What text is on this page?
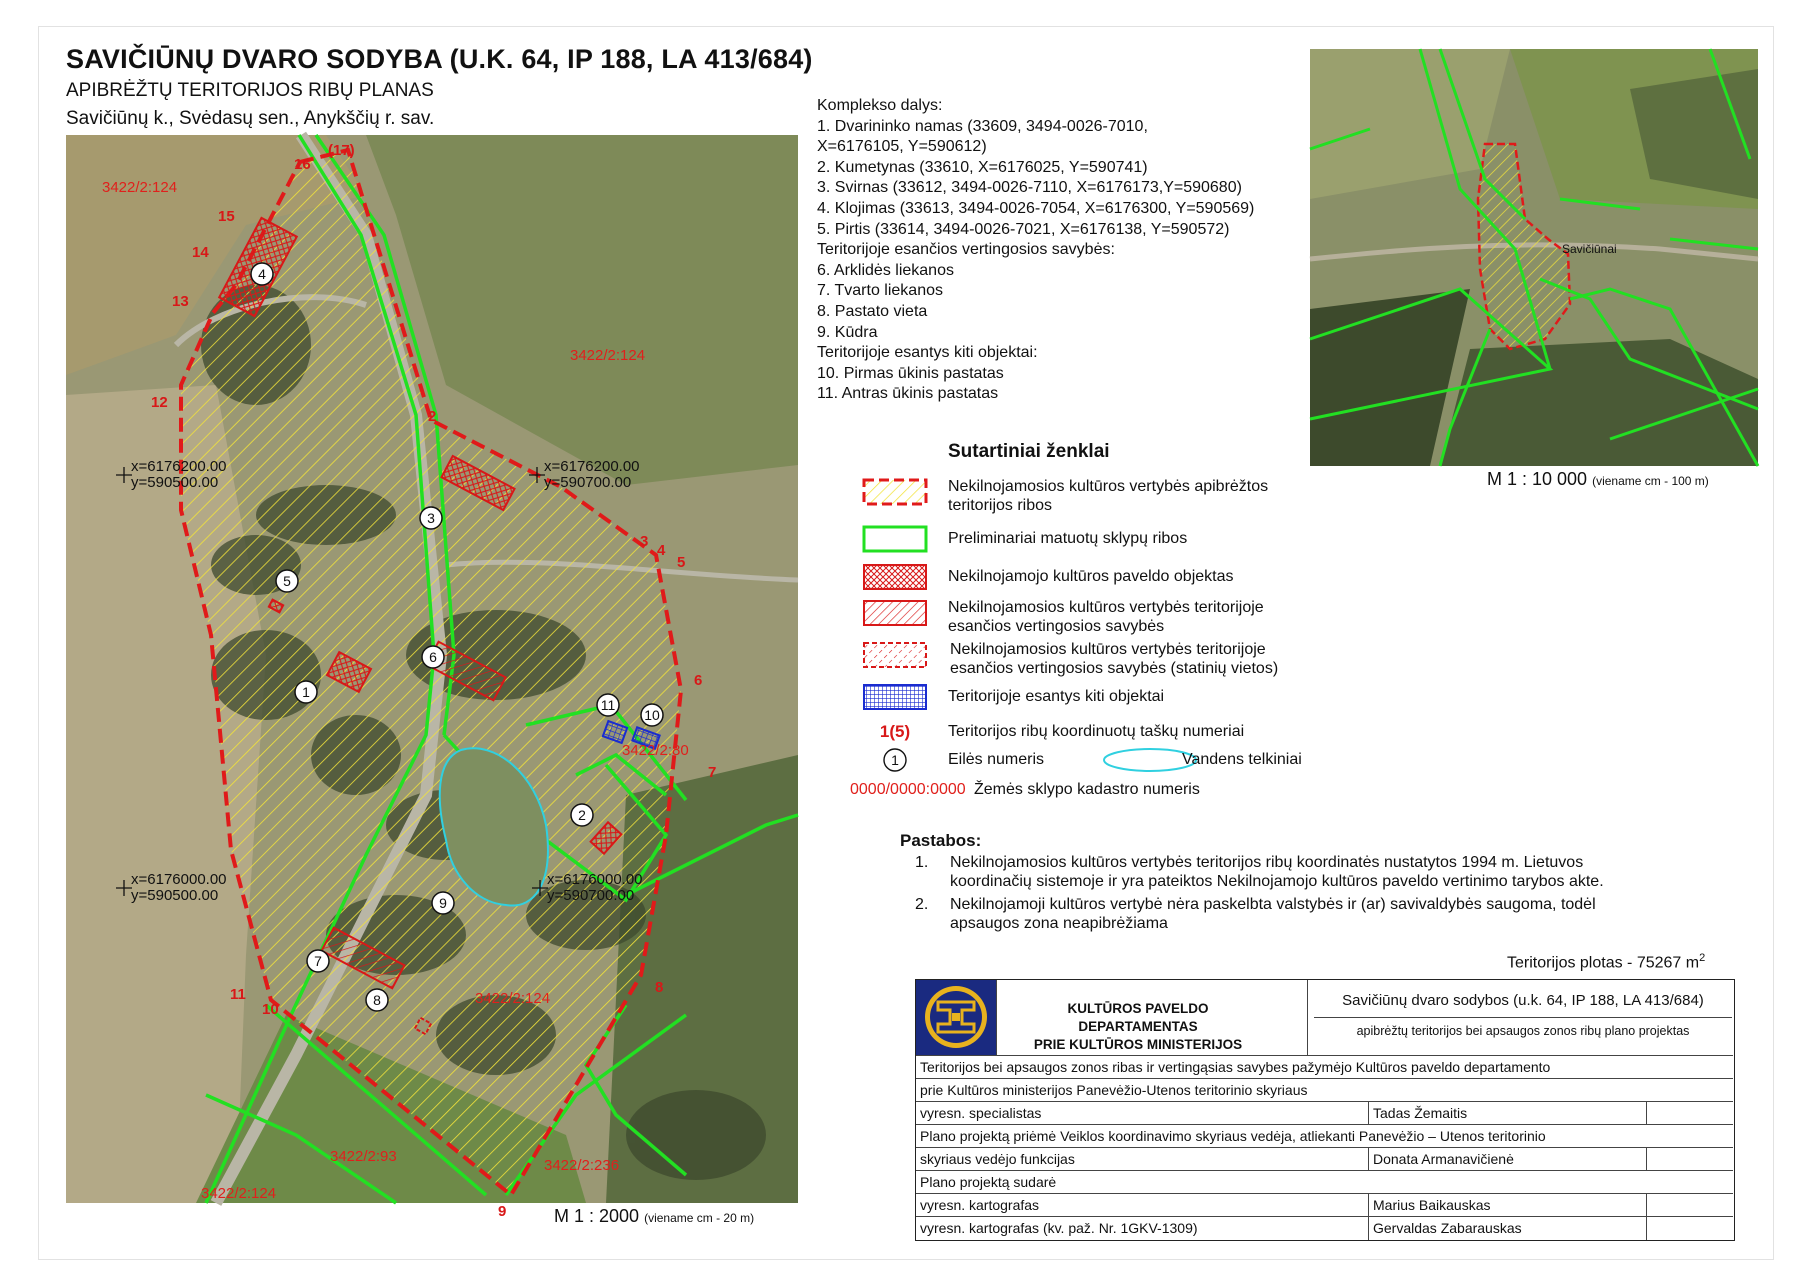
SAVIČIŪNŲ DVARO SODYBA (U.K. 64, IP 188, LA 413/684)
APIBRĖŽTŲ TERITORIJOS RIBŲ PLANAS
Savičiūnų k., Svėdasų sen., Anykščių r. sav.
1
2
3
4
5
6
7
8
9
10
11
(17)
16
15
14
13
12
2
3
4
5
6
7
8
9
10
11
3422/2:124
3422/2:124
3422/2:124
3422/2:93
3422/2:236
3422/2:124
3422/2:80
x=6176200.00
y=590500.00
x=6176200.00
y=590700.00
x=6176000.00
y=590500.00
x=6176000.00
y=590700.00
M 1 : 2000 (viename cm - 20 m)
Komplekso dalys:
1. Dvarininko namas (33609, 3494-0026-7010,
X=6176105, Y=590612)
2. Kumetynas (33610, X=6176025, Y=590741)
3. Svirnas (33612, 3494-0026-7110, X=6176173,Y=590680)
4. Klojimas (33613, 3494-0026-7054, X=6176300, Y=590569)
5. Pirtis (33614, 3494-0026-7021, X=6176138, Y=590572)
Teritorijoje esančios vertingosios savybės:
6. Arklidės liekanos
7. Tvarto liekanos
8. Pastato vieta
9. Kūdra
Teritorijoje esantys kiti objektai:
10. Pirmas ūkinis pastatas
11. Antras ūkinis pastatas
Savičiūnai
M 1 : 10 000 (viename cm - 100 m)
Sutartiniai ženklai
Nekilnojamosios kultūros vertybės apibrėžtos
teritorijos ribos
Preliminariai matuotų sklypų ribos
Nekilnojamojo kultūros paveldo objektas
Nekilnojamosios kultūros vertybės teritorijoje
esančios vertingosios savybės
Nekilnojamosios kultūros vertybės teritorijoje
esančios vertingosios savybės (statinių vietos)
Teritorijoje esantys kiti objektai
1(5)	Teritorijos ribų koordinuotų taškų numeriai
1	Eilės numeris	Vandens telkiniai
0000/0000:0000 Žemės sklypo kadastro numeris
Pastabos:
1. Nekilnojamosios kultūros vertybės teritorijos ribų koordinatės nustatytos 1994 m. Lietuvos
koordinačių sistemoje ir yra pateiktos Nekilnojamojo kultūros paveldo vertinimo tarybos akte.
2. Nekilnojamoji kultūros vertybė nėra paskelbta valstybės ir (ar) savivaldybės saugoma, todėl
apsaugos zona neapibrėžiama
Teritorijos plotas - 75267 $m^2$
KULTŪROS PAVELDO DEPARTAMENTAS
PRIE KULTŪROS MINISTERIJOS
Savičiūnų dvaro sodybos (u.k. 64, IP 188, LA 413/684)
apibrėžtų teritorijos bei apsaugos zonos ribų plano projektas
Teritorijos bei apsaugos zonos ribas ir vertingąsias savybes pažymėjo Kultūros paveldo departamento
prie Kultūros ministerijos Panevėžio-Utenos teritorinio skyriaus
vyresn. specialistas	Tadas Žemaitis
Plano projektą priėmė Veiklos koordinavimo skyriaus vedėja, atliekanti Panevėžio – Utenos teritorinio
skyriaus vedėjo funkcijas	Donata Armanavičienė
Plano projektą sudarė
vyresn. kartografas	Marius Baikauskas
vyresn. kartografas (kv. paž. Nr. 1GKV-1309)	Gervaldas Zabarauskas
